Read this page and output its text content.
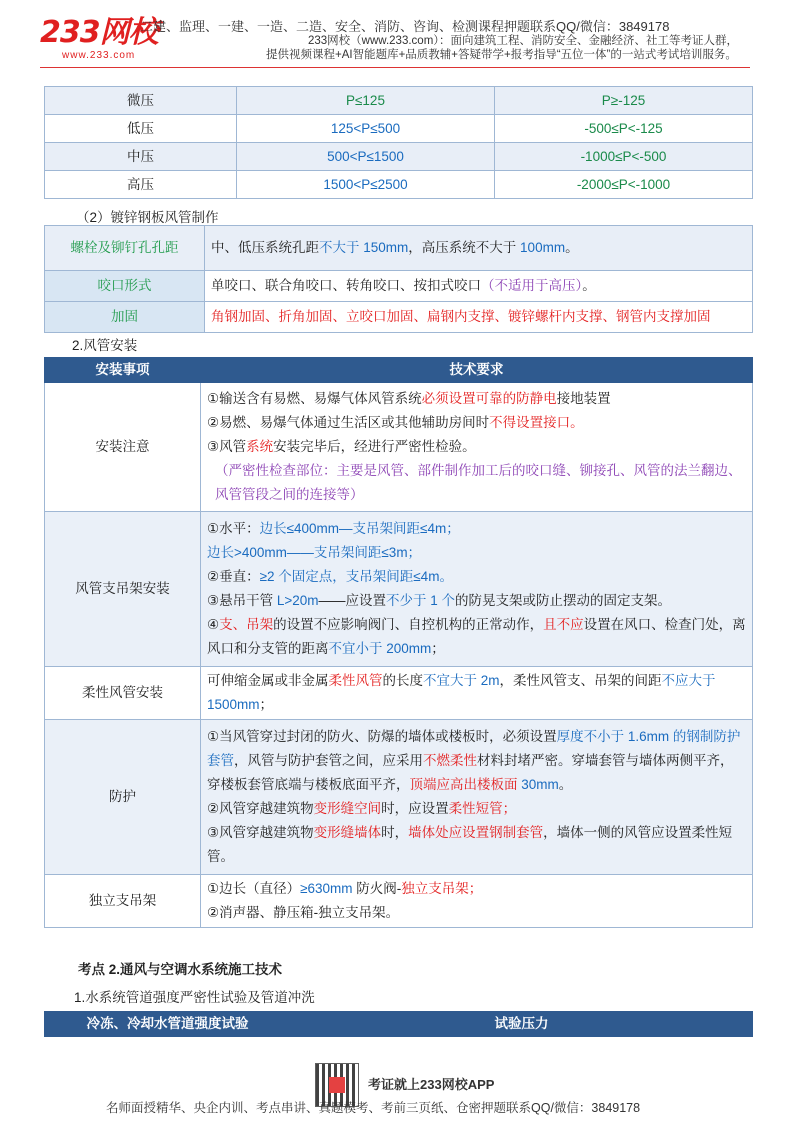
233网校
www.233.com
二建、监理、一建、一造、二造、安全、消防、咨询、检测课程押题联系QQ/微信：3849178
233网校（www.233.com）：面向建筑工程、消防安全、金融经济、社工等考证人群，
提供视频课程+AI智能题库+品质教辅+答疑带学+报考指导“五位一体”的一站式考试培训服务。
微压	P≤125	P≥-125
低压	125<P≤500	-500≤P<-125
中压	500<P≤1500	-1000≤P<-500
高压	1500<P≤2500	-2000≤P<-1000
（2）镀锌钢板风管制作
螺栓及铆钉孔孔距	中、低压系统孔距不大于 150mm，高压系统不大于 100mm。
咬口形式	单咬口、联合角咬口、转角咬口、按扣式咬口（不适用于高压）。
加固	角钢加固、折角加固、立咬口加固、扁钢内支撑、镀锌螺杆内支撑、钢管内支撑加固
2.风管安装
安装事项	技术要求
安装注意	①输送含有易燃、易爆气体风管系统必须设置可靠的防静电接地装置
②易燃、易爆气体通过生活区或其他辅助房间时不得设置接口。
③风管系统安装完毕后，经进行严密性检验。
（严密性检查部位：主要是风管、部件制作加工后的咬口缝、铆接孔、风管的法兰翻边、风管管段之间的连接等）

风管支吊架安装	①水平：边长≤400mm—支吊架间距≤4m；
边长>400mm——支吊架间距≤3m；
②垂直：≥2 个固定点，支吊架间距≤4m。
③悬吊干管 L>20m——应设置不少于 1 个的防晃支架或防止摆动的固定支架。
④支、吊架的设置不应影响阀门、自控机构的正常动作，且不应设置在风口、检查门处，离风口和分支管的距离不宜小于 200mm；

柔性风管安装	可伸缩金属或非金属柔性风管的长度不宜大于 2m，柔性风管支、吊架的间距不应大于 1500mm；
防护	①当风管穿过封闭的防火、防爆的墙体或楼板时，必须设置厚度不小于 1.6mm 的钢制防护套管，风管与防护套管之间，应采用不燃柔性材料封堵严密。穿墙套管与墙体两侧平齐，穿楼板套管底端与楼板底面平齐，顶端应高出楼板面 30mm。
②风管穿越建筑物变形缝空间时，应设置柔性短管；
③风管穿越建筑物变形缝墙体时，墙体处应设置钢制套管，墙体一侧的风管应设置柔性短管。

独立支吊架	①边长（直径）≥630mm 防火阀-独立支吊架；
②消声器、静压箱-独立支吊架。
考点 2.通风与空调水系统施工技术
1.水系统管道强度严密性试验及管道冲洗
冷冻、冷却水管道强度试验	试验压力
考证就上233网校APP
名师面授精华、央企内训、考点串讲、真题模考、考前三页纸、仓密押题联系QQ/微信：3849178
